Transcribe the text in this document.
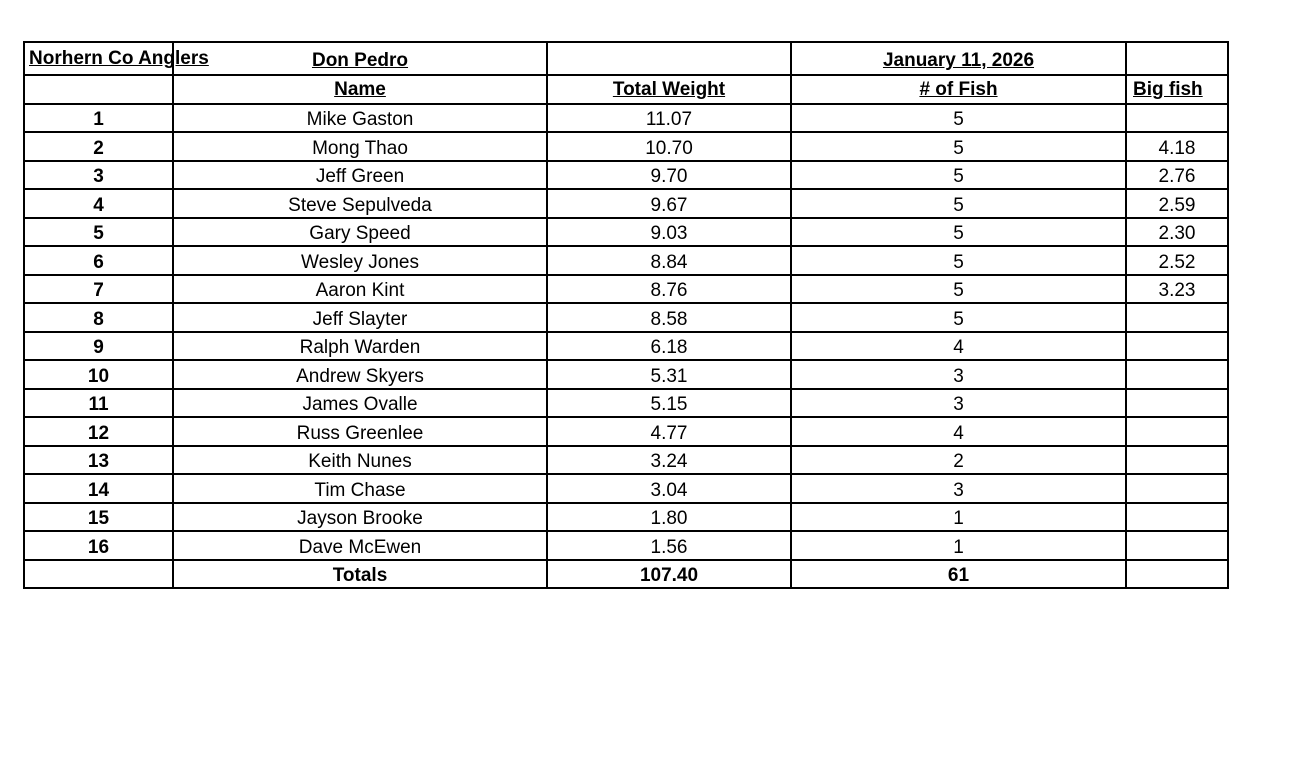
Norhern Co Anglers	Don Pedro		January 11, 2026	
	Name	Total Weight	# of Fish	Big fish
1	Mike Gaston	11.07	5	
2	Mong Thao	10.70	5	4.18
3	Jeff Green	9.70	5	2.76
4	Steve Sepulveda	9.67	5	2.59
5	Gary Speed	9.03	5	2.30
6	Wesley Jones	8.84	5	2.52
7	Aaron Kint	8.76	5	3.23
8	Jeff Slayter	8.58	5	
9	Ralph Warden	6.18	4	
10	Andrew Skyers	5.31	3	
11	James Ovalle	5.15	3	
12	Russ Greenlee	4.77	4	
13	Keith Nunes	3.24	2	
14	Tim Chase	3.04	3	
15	Jayson Brooke	1.80	1	
16	Dave McEwen	1.56	1	
	Totals	107.40	61	
